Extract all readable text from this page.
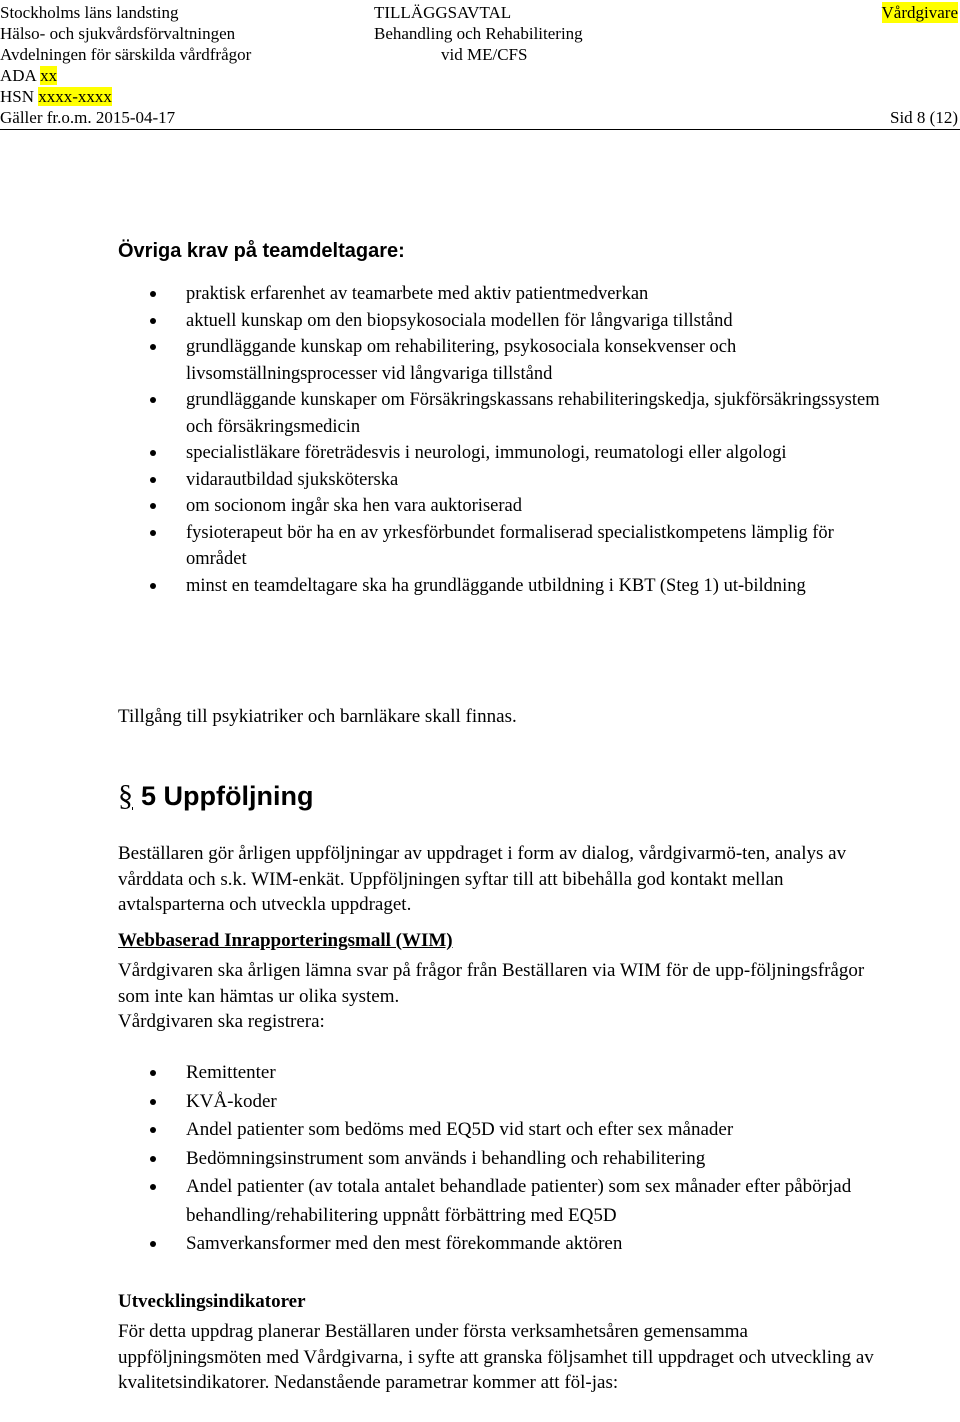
Stockholms läns landsting
Hälso- och sjukvårdsförvaltningen
Avdelningen för särskilda vårdfrågor
ADA xx
HSN xxxx-xxxx
Gäller fr.o.m. 2015-04-17
TILLÄGGSAVTAL
Behandling och Rehabilitering
vid ME/CFS
Vårdgivare
Sid 8 (12)
Övriga krav på teamdeltagare:
praktisk erfarenhet av teamarbete med aktiv patientmedverkan
aktuell kunskap om den biopsykosociala modellen för långvariga tillstånd
grundläggande kunskap om rehabilitering, psykosociala konsekvenser och livsomställningsprocesser vid långvariga tillstånd
grundläggande kunskaper om Försäkringskassans rehabiliteringskedja, sjukförsäkringssystem och försäkringsmedicin
specialistläkare företrädesvis i neurologi, immunologi, reumatologi eller algologi
vidarautbildad sjuksköterska
om socionom ingår ska hen vara auktoriserad
fysioterapeut bör ha en av yrkesförbundet formaliserad specialistkompetens lämplig för området
minst en teamdeltagare ska ha grundläggande utbildning i KBT (Steg 1) ut-bildning
Tillgång till psykiatriker och barnläkare skall finnas.
§ 5 Uppföljning
Beställaren gör årligen uppföljningar av uppdraget i form av dialog, vårdgivarmö-ten, analys av vårddata och s.k. WIM-enkät. Uppföljningen syftar till att bibehålla god kontakt mellan avtalsparterna och utveckla uppdraget.
Webbaserad Inrapporteringsmall (WIM)
Vårdgivaren ska årligen lämna svar på frågor från Beställaren via WIM för de upp-följningsfrågor som inte kan hämtas ur olika system.
Vårdgivaren ska registrera:
Remittenter
KVÅ-koder
Andel patienter som bedöms med EQ5D vid start och efter sex månader
Bedömningsinstrument som används i behandling och rehabilitering
Andel patienter (av totala antalet behandlade patienter) som sex månader efter påbörjad behandling/rehabilitering uppnått förbättring med EQ5D
Samverkansformer med den mest förekommande aktören
Utvecklingsindikatorer
För detta uppdrag planerar Beställaren under första verksamhetsåren gemensamma uppföljningsmöten med Vårdgivarna, i syfte att granska följsamhet till uppdraget och utveckling av kvalitetsindikatorer. Nedanstående parametrar kommer att föl-jas:
